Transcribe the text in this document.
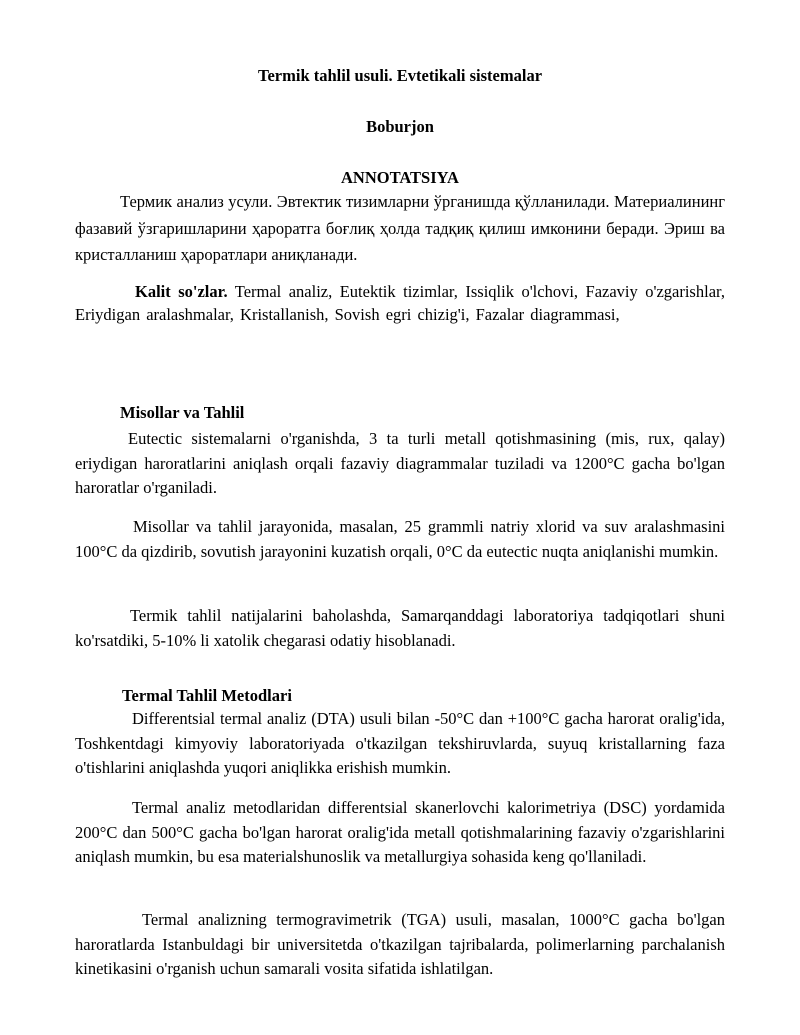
Termik tahlil usuli. Evtetikali sistemalar
Boburjon
ANNOTATSIYA

Термик анализ усули. Эвтектик тизимларни ўрганишда қўлланилади. Материалининг фазавий ўзгаришларини ҳароратга боғлиқ ҳолда тадқиқ қилиш имконини беради. Эриш ва кристалланиш ҳароратлари аниқланади.

Kalit so'zlar. Termal analiz, Eutektik tizimlar, Issiqlik o'lchovi, Fazaviy o'zgarishlar, Eriydigan aralashmalar, Kristallanish, Sovish egri chizig'i, Fazalar diagrammasi,

Misollar va Tahlil

Eutectic sistemalarni o'rganishda, 3 ta turli metall qotishmasining (mis, rux, qalay) eriydigan haroratlarini aniqlash orqali fazaviy diagrammalar tuziladi va 1200°C gacha bo'lgan haroratlar o'rganiladi.

Misollar va tahlil jarayonida, masalan, 25 grammli natriy xlorid va suv aralashmasini 100°C da qizdirib, sovutish jarayonini kuzatish orqali, 0°C da eutectic nuqta aniqlanishi mumkin.

Termik tahlil natijalarini baholashda, Samarqanddagi laboratoriya tadqiqotlari shuni ko'rsatdiki, 5-10% li xatolik chegarasi odatiy hisoblanadi.

Termal Tahlil Metodlari

Differentsial termal analiz (DTA) usuli bilan -50°C dan +100°C gacha harorat oralig'ida, Toshkentdagi kimyoviy laboratoriyada o'tkazilgan tekshiruvlarda, suyuq kristallarning faza o'tishlarini aniqlashda yuqori aniqlikka erishish mumkin.

Termal analiz metodlaridan differentsial skanerlovchi kalorimetriya (DSC) yordamida 200°C dan 500°C gacha bo'lgan harorat oralig'ida metall qotishmalarining fazaviy o'zgarishlarini aniqlash mumkin, bu esa materialshunoslik va metallurgiya sohasida keng qo'llaniladi.

Termal analizning termogravimetrik (TGA) usuli, masalan, 1000°C gacha bo'lgan haroratlarda Istanbuldagi bir universitetda o'tkazilgan tajribalarda, polimerlarning parchalanish kinetikasini o'rganish uchun samarali vosita sifatida ishlatilgan.
